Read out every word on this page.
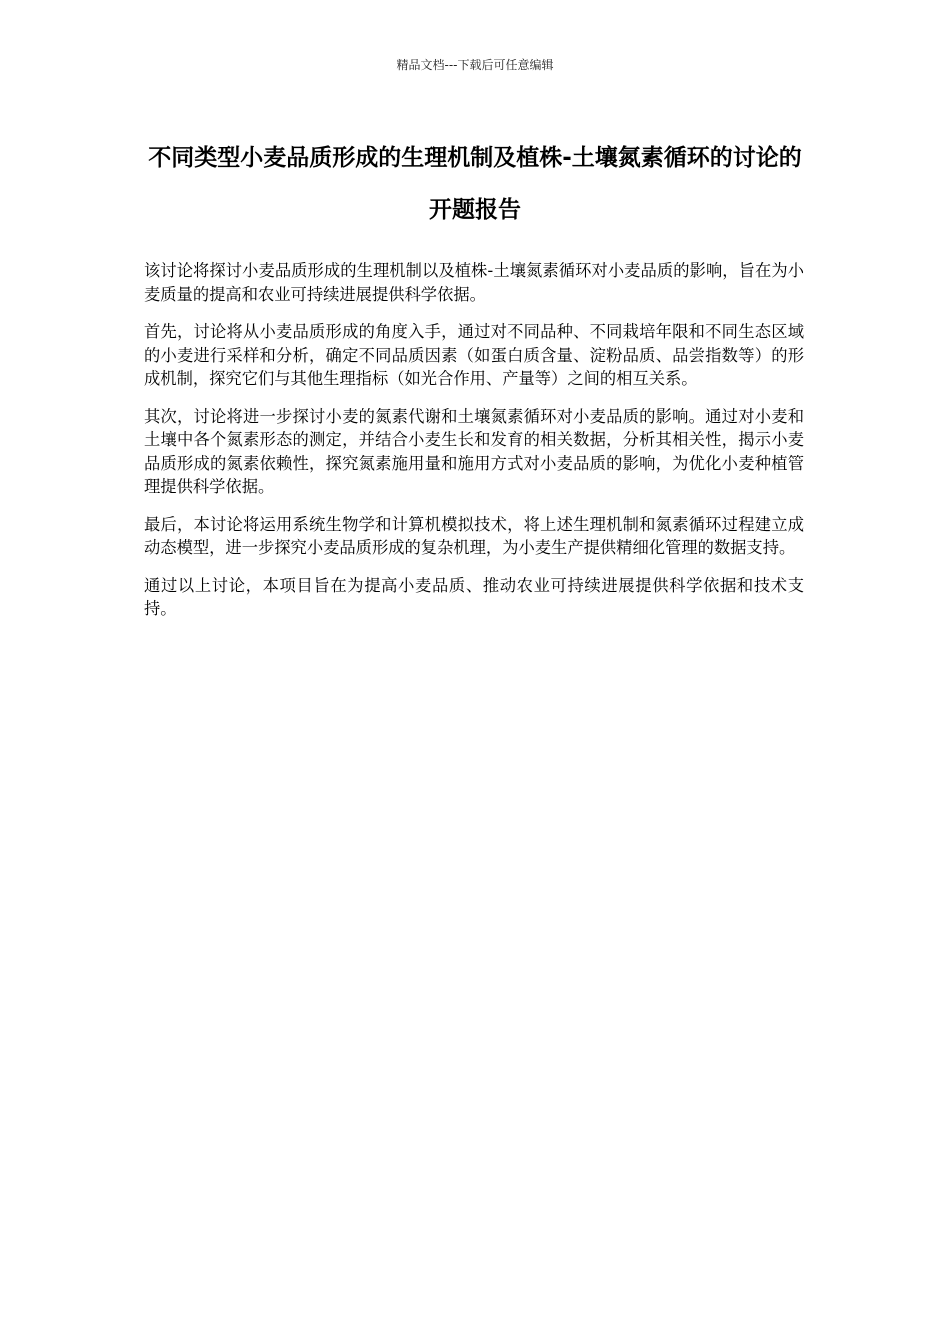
精品文档---下载后可任意编辑
不同类型小麦品质形成的生理机制及植株-土壤氮素循环的讨论的开题报告

该讨论将探讨小麦品质形成的生理机制以及植株-土壤氮素循环对小麦品质的影响，旨在为小麦质量的提高和农业可持续进展提供科学依据。

首先，讨论将从小麦品质形成的角度入手，通过对不同品种、不同栽培年限和不同生态区域的小麦进行采样和分析，确定不同品质因素（如蛋白质含量、淀粉品质、品尝指数等）的形成机制，探究它们与其他生理指标（如光合作用、产量等）之间的相互关系。

其次，讨论将进一步探讨小麦的氮素代谢和土壤氮素循环对小麦品质的影响。通过对小麦和土壤中各个氮素形态的测定，并结合小麦生长和发育的相关数据，分析其相关性，揭示小麦品质形成的氮素依赖性，探究氮素施用量和施用方式对小麦品质的影响，为优化小麦种植管理提供科学依据。

最后，本讨论将运用系统生物学和计算机模拟技术，将上述生理机制和氮素循环过程建立成动态模型，进一步探究小麦品质形成的复杂机理，为小麦生产提供精细化管理的数据支持。

通过以上讨论，本项目旨在为提高小麦品质、推动农业可持续进展提供科学依据和技术支持。
